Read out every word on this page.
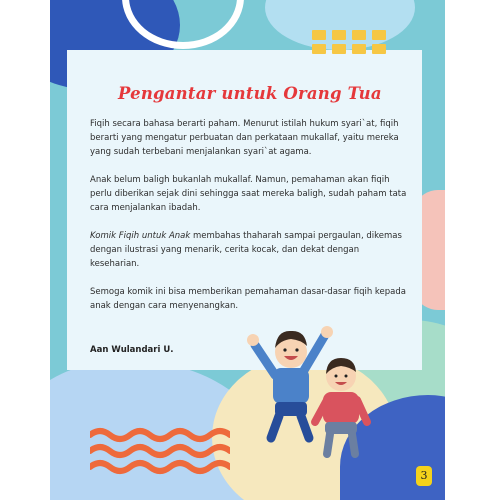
Pengantar untuk Orang Tua

Fiqih secara bahasa berarti paham. Menurut istilah hukum syari`at, fiqih berarti yang mengatur perbuatan dan perkataan mukallaf, yaitu mereka yang sudah terbebani menjalankan syari`at agama.

Anak belum baligh bukanlah mukallaf. Namun, pemahaman akan fiqih perlu diberikan sejak dini sehingga saat mereka baligh, sudah paham tata cara menjalankan ibadah.

Komik Fiqih untuk Anak membahas thaharah sampai pergaulan, dikemas dengan ilustrasi yang menarik, cerita kocak, dan dekat dengan keseharian.

Semoga komik ini bisa memberikan pemahaman dasar-dasar fiqih kepada anak dengan cara menyenangkan.

Aan Wulandari U.

3
